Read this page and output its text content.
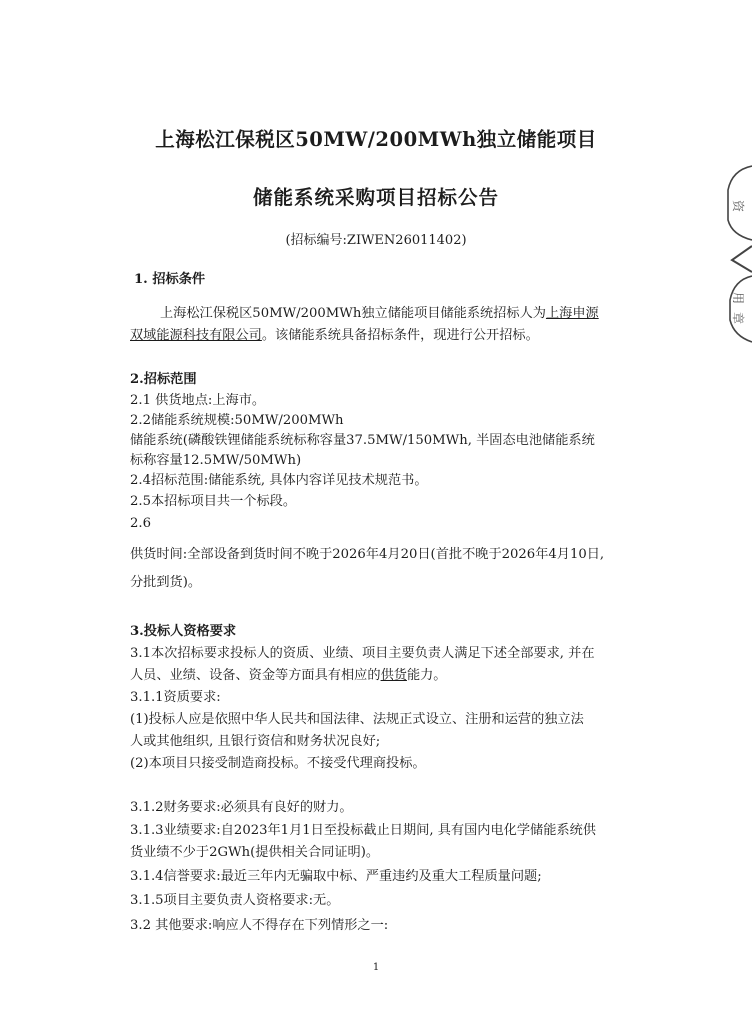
上海松江保税区50MW/200MWh独立储能项目
储能系统采购项目招标公告
(招标编号:ZIWEN26011402)
1. 招标条件
上海松江保税区50MW/200MWh独立储能项目储能系统招标人为上海申源
双域能源科技有限公司。该储能系统具备招标条件，现进行公开招标。
2.招标范围
2.1 供货地点:上海市。
2.2储能系统规模:50MW/200MWh
储能系统(磷酸铁锂储能系统标称容量37.5MW/150MWh, 半固态电池储能系统
标称容量12.5MW/50MWh)
2.4招标范围:储能系统, 具体内容详见技术规范书。
2.5本招标项目共一个标段。
2.6
供货时间:全部设备到货时间不晚于2026年4月20日(首批不晚于2026年4月10日,
分批到货)。
3.投标人资格要求
3.1本次招标要求投标人的资质、业绩、项目主要负责人满足下述全部要求, 并在
人员、业绩、设备、资金等方面具有相应的供货能力。
3.1.1资质要求:
(1)投标人应是依照中华人民共和国法律、法规正式设立、注册和运营的独立法
人或其他组织, 且银行资信和财务状况良好;
(2)本项目只接受制造商投标。不接受代理商投标。
3.1.2财务要求:必须具有良好的财力。
3.1.3业绩要求:自2023年1月1日至投标截止日期间, 具有国内电化学储能系统供
货业绩不少于2GWh(提供相关合同证明)。
3.1.4信誉要求:最近三年内无骗取中标、严重违约及重大工程质量问题;
3.1.5项目主要负责人资格要求:无。
3.2 其他要求:响应人不得存在下列情形之一:
1
资
用
章
